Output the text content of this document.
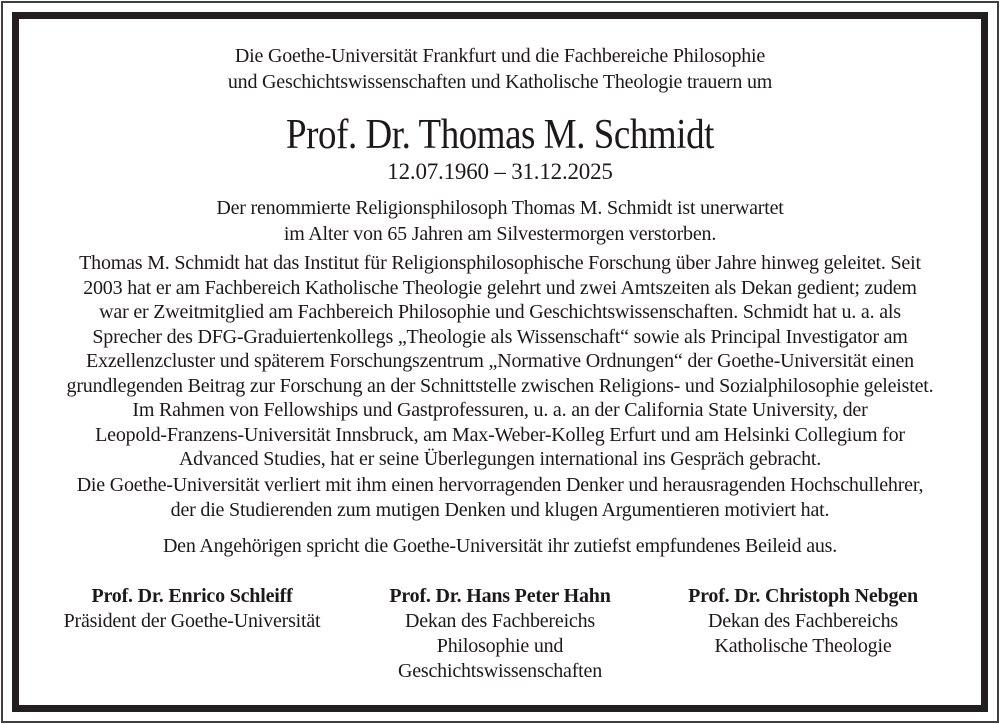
Die Goethe-Universität Frankfurt und die Fachbereiche Philosophie
und Geschichtswissenschaften und Katholische Theologie trauern um
Prof. Dr. Thomas M. Schmidt
12.07.1960 – 31.12.2025
Der renommierte Religionsphilosoph Thomas M. Schmidt ist unerwartet
im Alter von 65 Jahren am Silvestermorgen verstorben.
Thomas M. Schmidt hat das Institut für Religionsphilosophische Forschung über Jahre hinweg geleitet. Seit
2003 hat er am Fachbereich Katholische Theologie gelehrt und zwei Amtszeiten als Dekan gedient; zudem
war er Zweitmitglied am Fachbereich Philosophie und Geschichtswissenschaften. Schmidt hat u. a. als
Sprecher des DFG-Graduiertenkollegs „Theologie als Wissenschaft“ sowie als Principal Investigator am
Exzellenzcluster und späterem Forschungszentrum „Normative Ordnungen“ der Goethe-Universität einen
grundlegenden Beitrag zur Forschung an der Schnittstelle zwischen Religions- und Sozialphilosophie geleistet.
Im Rahmen von Fellowships und Gastprofessuren, u. a. an der California State University, der
Leopold-Franzens-Universität Innsbruck, am Max-Weber-Kolleg Erfurt und am Helsinki Collegium for
Advanced Studies, hat er seine Überlegungen international ins Gespräch gebracht.
Die Goethe-Universität verliert mit ihm einen hervorragenden Denker und herausragenden Hochschullehrer,
der die Studierenden zum mutigen Denken und klugen Argumentieren motiviert hat.
Den Angehörigen spricht die Goethe-Universität ihr zutiefst empfundenes Beileid aus.
Prof. Dr. Enrico Schleiff
Präsident der Goethe-Universität
Prof. Dr. Hans Peter Hahn
Dekan des Fachbereichs
Philosophie und
Geschichtswissenschaften
Prof. Dr. Christoph Nebgen
Dekan des Fachbereichs
Katholische Theologie
